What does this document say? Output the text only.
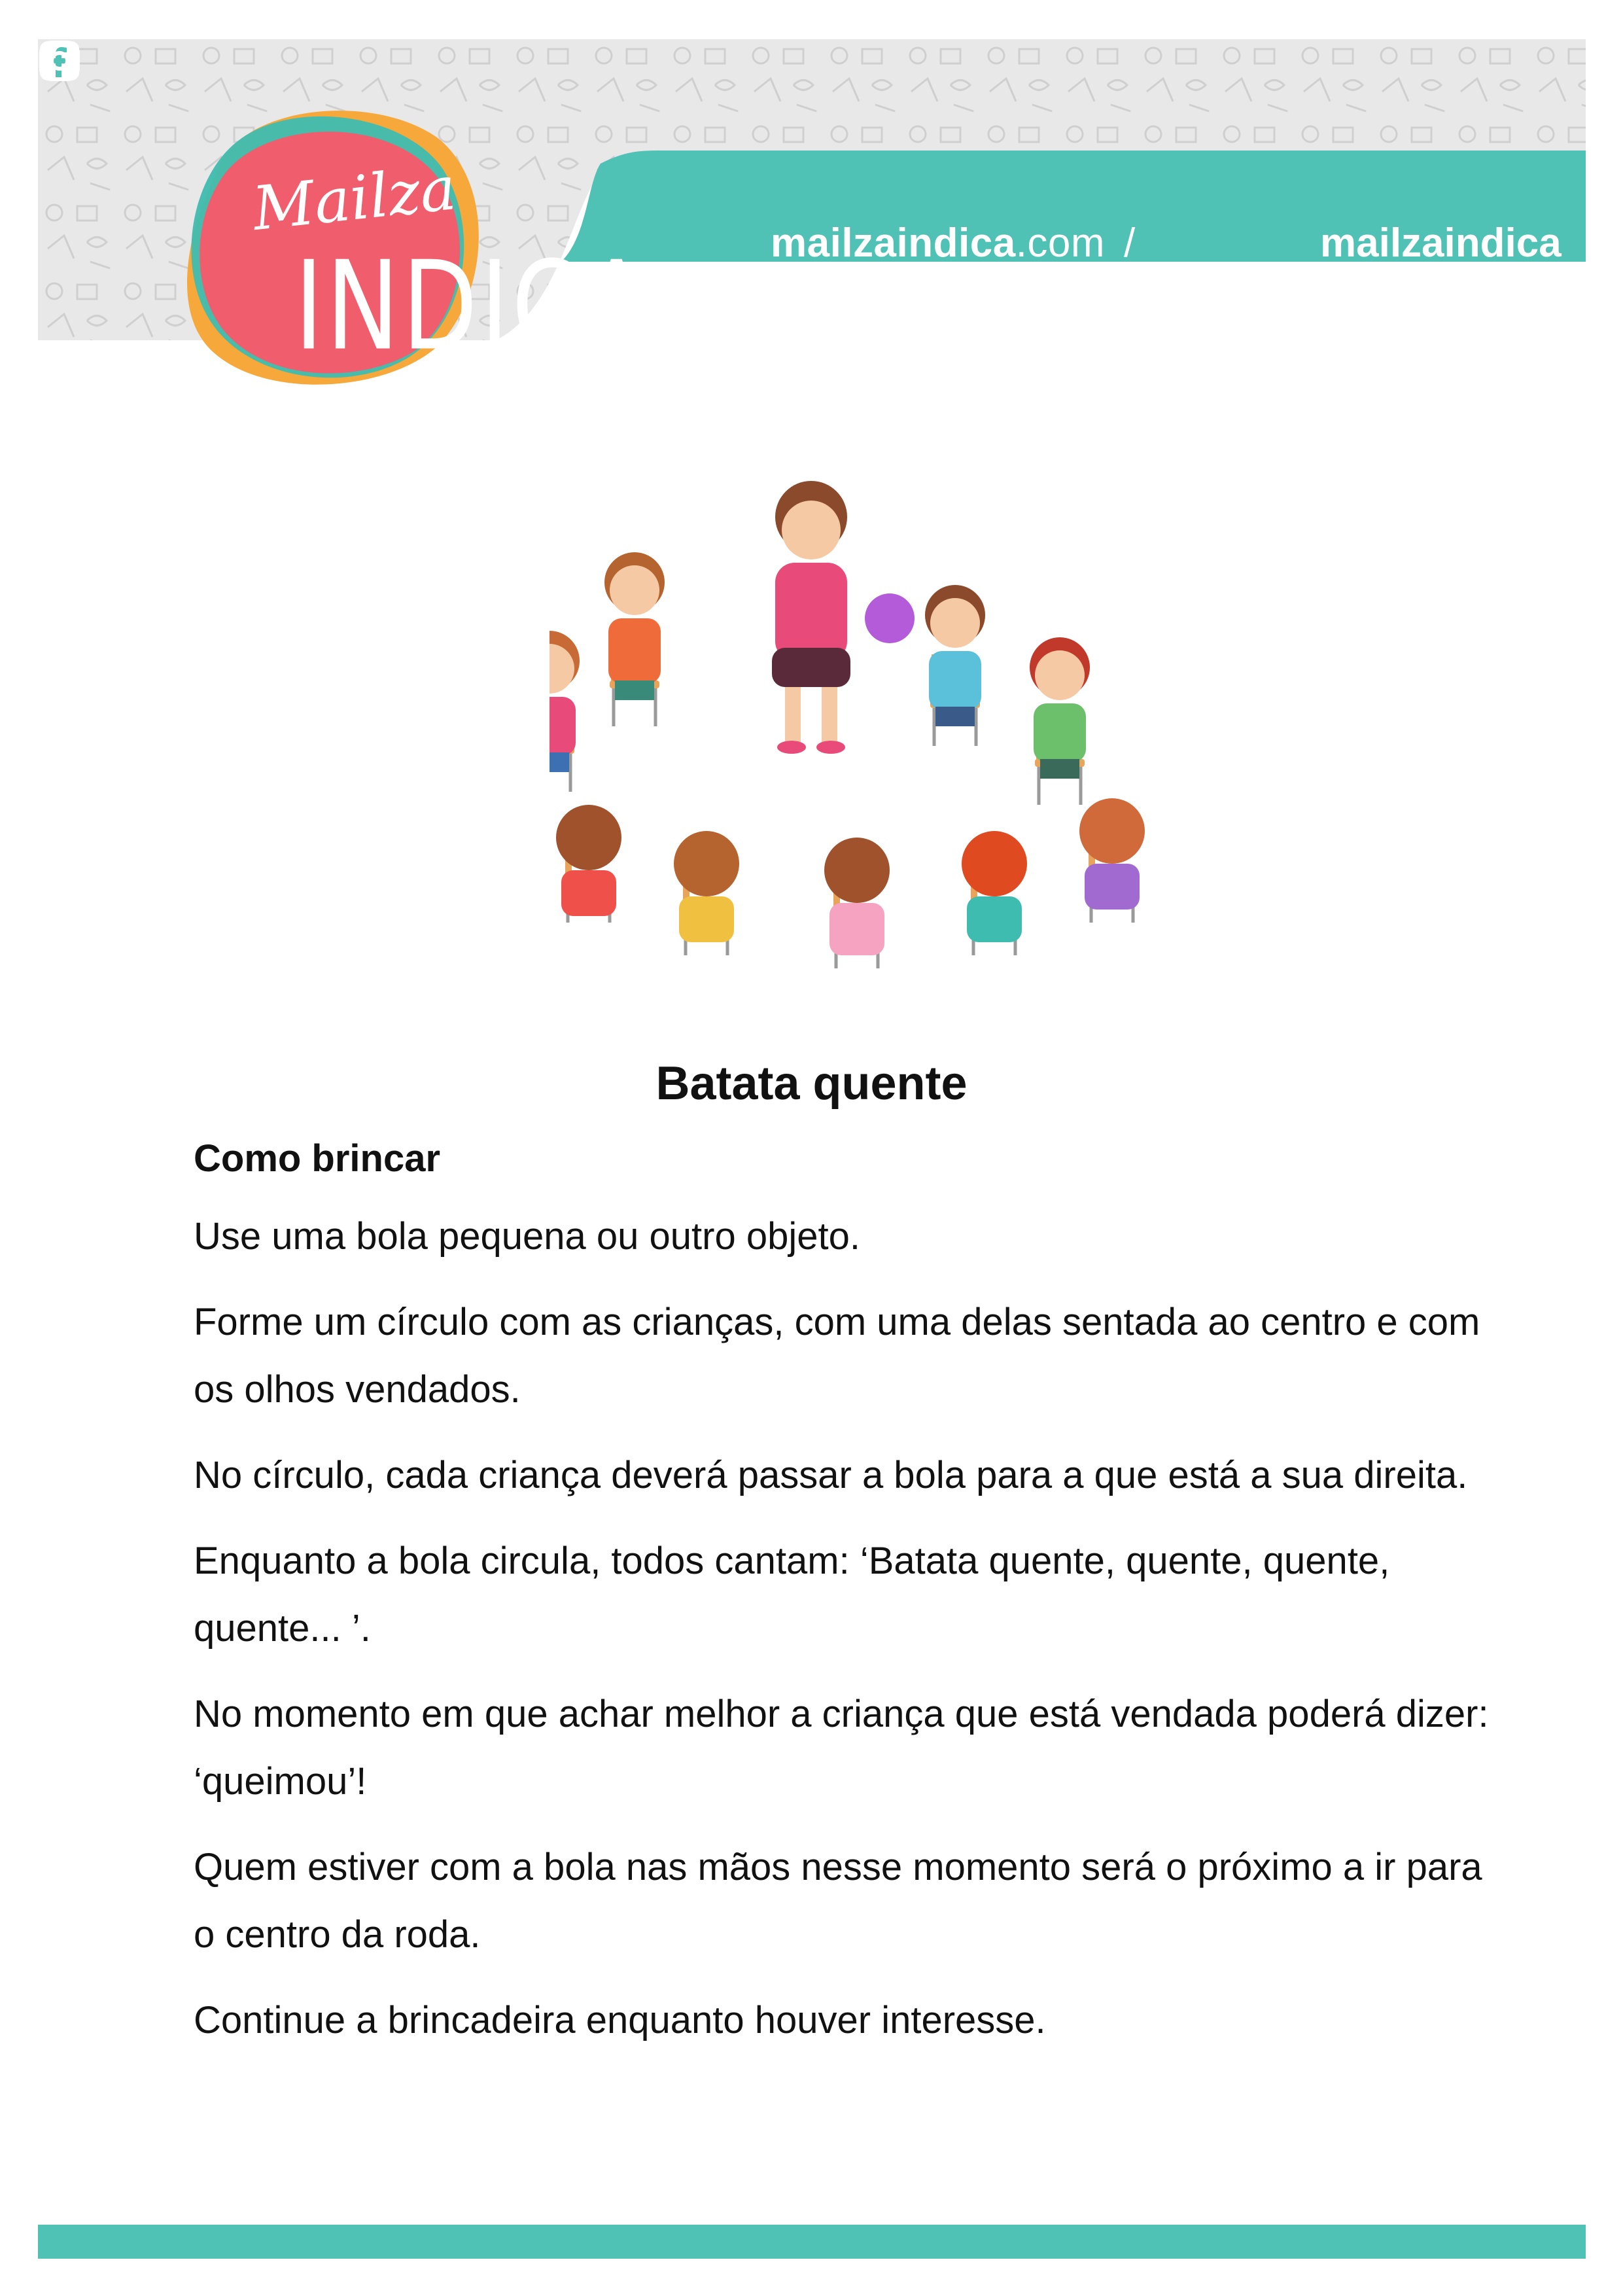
Mailza
INDICA	mailzaindica.com /	mailzaindica
Batata quente
Como brincar

Use uma bola pequena ou outro objeto.

Forme um círculo com as crianças, com uma delas sentada ao centro e com os olhos vendados.

No círculo, cada criança deverá passar a bola para a que está a sua direita.

Enquanto a bola circula, todos cantam: ‘Batata quente, quente, quente, quente... ’.

No momento em que achar melhor a criança que está vendada poderá dizer: ‘queimou’!

Quem estiver com a bola nas mãos nesse momento será o próximo a ir para o centro da roda.

Continue a brincadeira enquanto houver interesse.
